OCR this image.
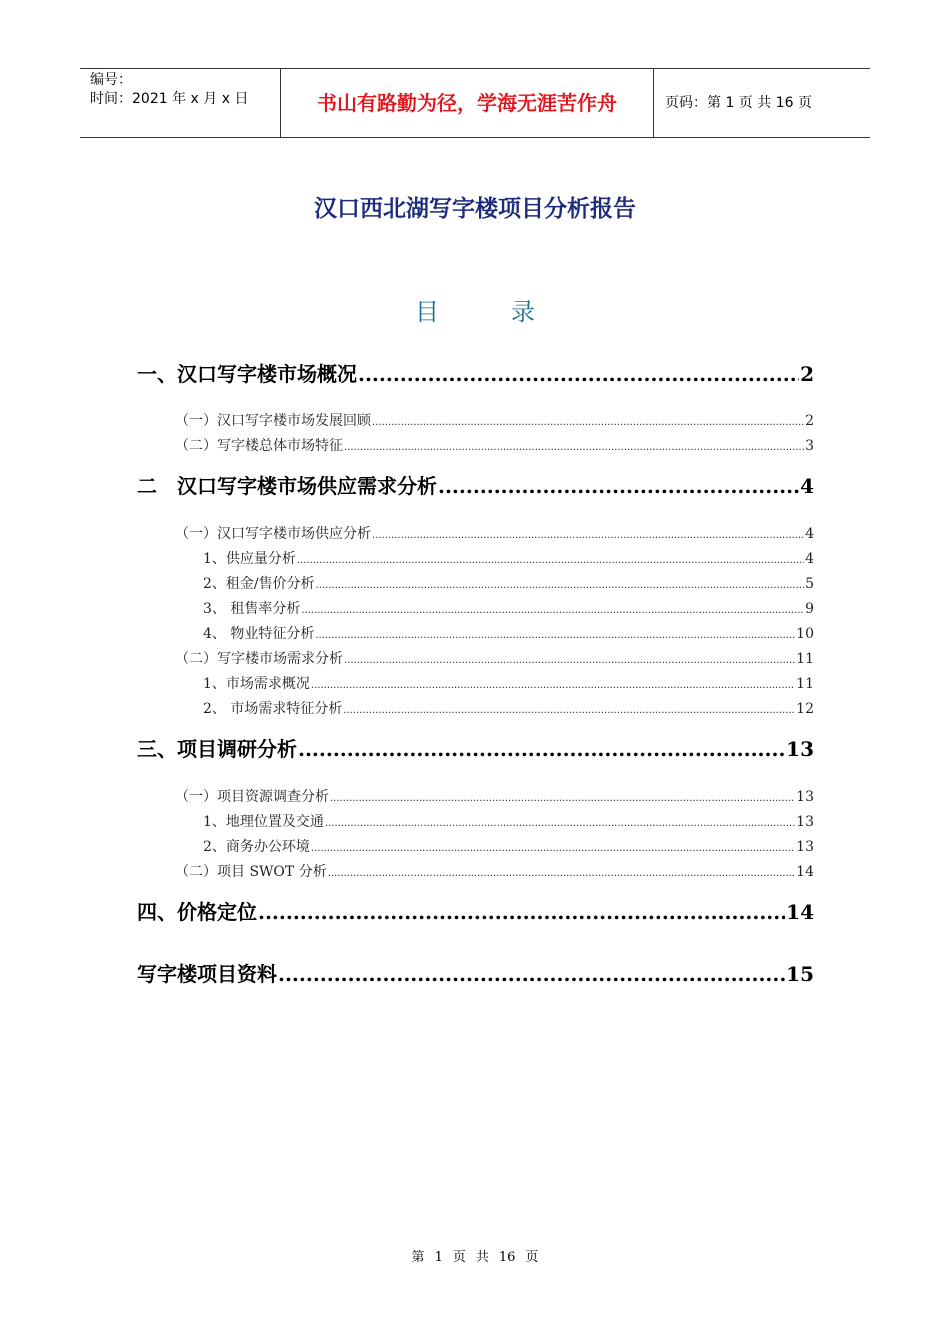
编号：
时间：2021 年 x 月 x 日	书山有路勤为径，学海无涯苦作舟	页码：第 1 页 共 16 页
汉口西北湖写字楼项目分析报告
目	录
一、汉口写字楼市场概况 .....	2
（一）汉口写字楼市场发展回顾 .....	2
（二）写字楼总体市场特征 .....	3
二　汉口写字楼市场供应需求分析 .....	4
（一）汉口写字楼市场供应分析 .....	4
1、供应量分析 .....	4
2、租金/售价分析 .....	5
3、 租售率分析 .....	9
4、 物业特征分析 .....	10
（二）写字楼市场需求分析 .....	11
1、市场需求概况 .....	11
2、 市场需求特征分析 .....	12
三、项目调研分析 .....	13
（一）项目资源调查分析 .....	13
1、地理位置及交通 .....	13
2、商务办公环境 .....	13
（二）项目 SWOT 分析 .....	14
四、价格定位 .....	14
写字楼项目资料 .....	15
第 1 页 共 16 页
